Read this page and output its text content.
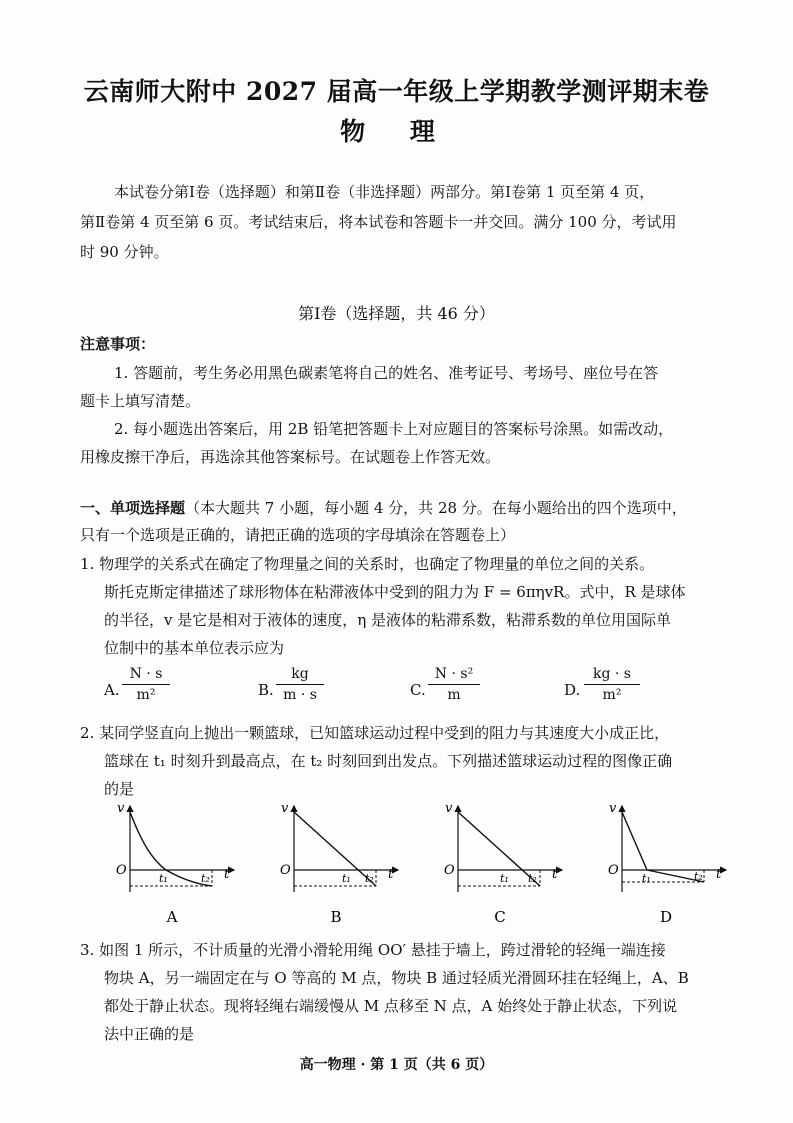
云南师大附中 2027 届高一年级上学期教学测评期末卷
物 理
本试卷分第Ⅰ卷（选择题）和第Ⅱ卷（非选择题）两部分。第Ⅰ卷第 1 页至第 4 页，
第Ⅱ卷第 4 页至第 6 页。考试结束后，将本试卷和答题卡一并交回。满分 100 分，考试用
时 90 分钟。
第Ⅰ卷（选择题，共 46 分）
注意事项：
1. 答题前，考生务必用黑色碳素笔将自己的姓名、准考证号、考场号、座位号在答
题卡上填写清楚。
2. 每小题选出答案后，用 2B 铅笔把答题卡上对应题目的答案标号涂黑。如需改动，
用橡皮擦干净后，再选涂其他答案标号。在试题卷上作答无效。
一、单项选择题（本大题共 7 小题，每小题 4 分，共 28 分。在每小题给出的四个选项中，
只有一个选项是正确的，请把正确的选项的字母填涂在答题卷上）
1. 物理学的关系式在确定了物理量之间的关系时，也确定了物理量的单位之间的关系。
斯托克斯定律描述了球形物体在粘滞液体中受到的阻力为 F = 6πηvR。式中，R 是球体
的半径，v 是它是相对于液体的速度，η 是液体的粘滞系数，粘滞系数的单位用国际单
位制中的基本单位表示应为
A. $\frac{N \cdot s}{\text{m²}}$	B. $\frac{kg}{m \cdot s}$	C. $\frac{\text{N · s²}}{m}$	D. $\frac{kg \cdot s}{\text{m²}}$
2. 某同学竖直向上抛出一颗篮球，已知篮球运动过程中受到的阻力与其速度大小成正比，
篮球在 t₁ 时刻升到最高点，在 t₂ 时刻回到出发点。下列描述篮球运动过程的图像正确
的是
v
O
t₁	t₂ t
v
O
t₁ t₂ t
v
O
t₁ t₂ t
v
O
t₁	t₂ t
A	B	C	D
3. 如图 1 所示，不计质量的光滑小滑轮用绳 OO′ 悬挂于墙上，跨过滑轮的轻绳一端连接
物块 A，另一端固定在与 O 等高的 M 点，物块 B 通过轻质光滑圆环挂在轻绳上，A、B
都处于静止状态。现将轻绳右端缓慢从 M 点移至 N 点，A 始终处于静止状态，下列说
法中正确的是
高一物理 · 第 1 页（共 6 页）
